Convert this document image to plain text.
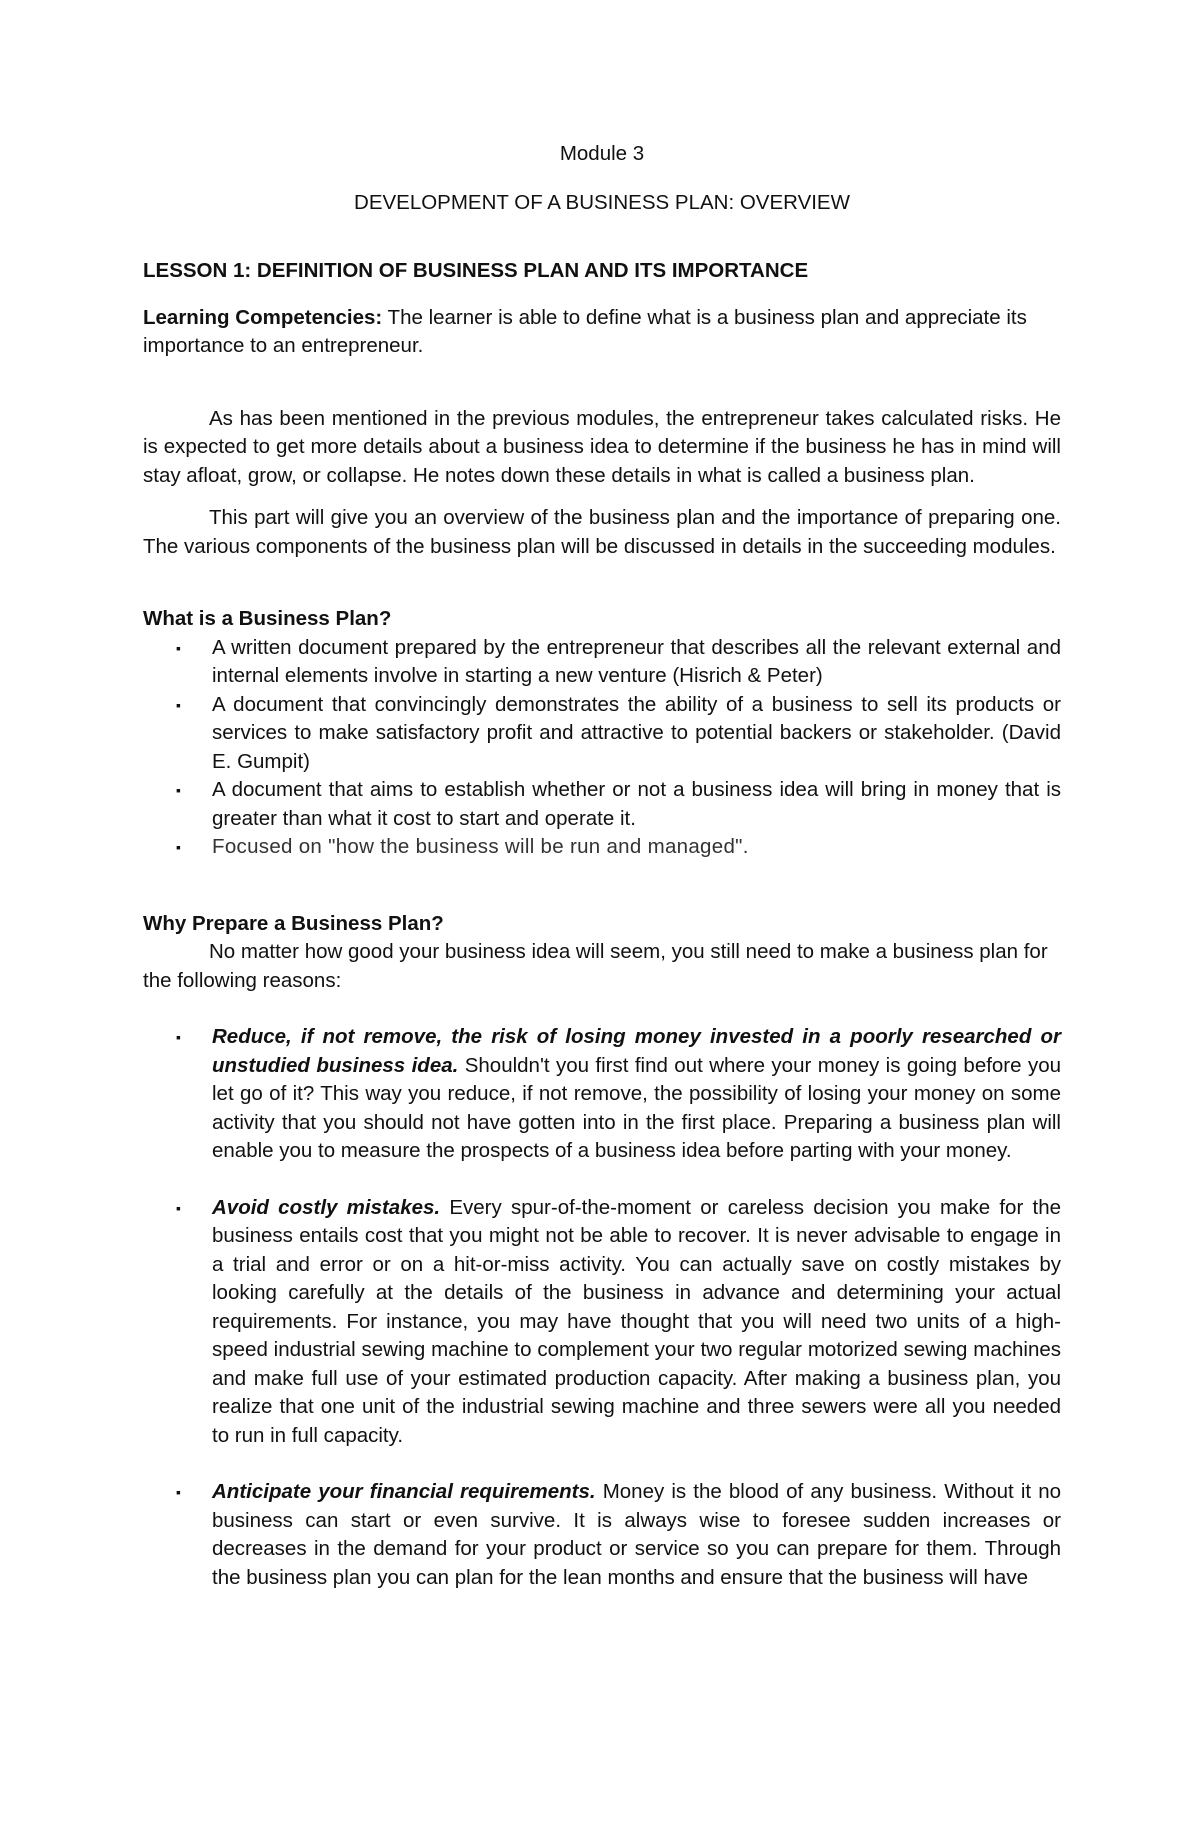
Module 3

DEVELOPMENT OF A BUSINESS PLAN: OVERVIEW

LESSON 1: DEFINITION OF BUSINESS PLAN AND ITS IMPORTANCE

Learning Competencies: The learner is able to define what is a business plan and appreciate its importance to an entrepreneur.

As has been mentioned in the previous modules, the entrepreneur takes calculated risks. He is expected to get more details about a business idea to determine if the business he has in mind will stay afloat, grow, or collapse. He notes down these details in what is called a business plan.

This part will give you an overview of the business plan and the importance of preparing one. The various components of the business plan will be discussed in details in the succeeding modules.

What is a Business Plan?

▪ A written document prepared by the entrepreneur that describes all the relevant external and internal elements involve in starting a new venture (Hisrich & Peter)
▪ A document that convincingly demonstrates the ability of a business to sell its products or services to make satisfactory profit and attractive to potential backers or stakeholder. (David E. Gumpit)
▪ A document that aims to establish whether or not a business idea will bring in money that is greater than what it cost to start and operate it.
▪ Focused on "how the business will be run and managed".

Why Prepare a Business Plan?

No matter how good your business idea will seem, you still need to make a business plan for the following reasons:

▪ Reduce, if not remove, the risk of losing money invested in a poorly researched or unstudied business idea. Shouldn't you first find out where your money is going before you let go of it? This way you reduce, if not remove, the possibility of losing your money on some activity that you should not have gotten into in the first place. Preparing a business plan will enable you to measure the prospects of a business idea before parting with your money.
▪ Avoid costly mistakes. Every spur-of-the-moment or careless decision you make for the business entails cost that you might not be able to recover. It is never advisable to engage in a trial and error or on a hit-or-miss activity. You can actually save on costly mistakes by looking carefully at the details of the business in advance and determining your actual requirements. For instance, you may have thought that you will need two units of a high-speed industrial sewing machine to complement your two regular motorized sewing machines and make full use of your estimated production capacity. After making a business plan, you realize that one unit of the industrial sewing machine and three sewers were all you needed to run in full capacity.
▪ Anticipate your financial requirements. Money is the blood of any business. Without it no business can start or even survive. It is always wise to foresee sudden increases or decreases in the demand for your product or service so you can prepare for them. Through the business plan you can plan for the lean months and ensure that the business will have
